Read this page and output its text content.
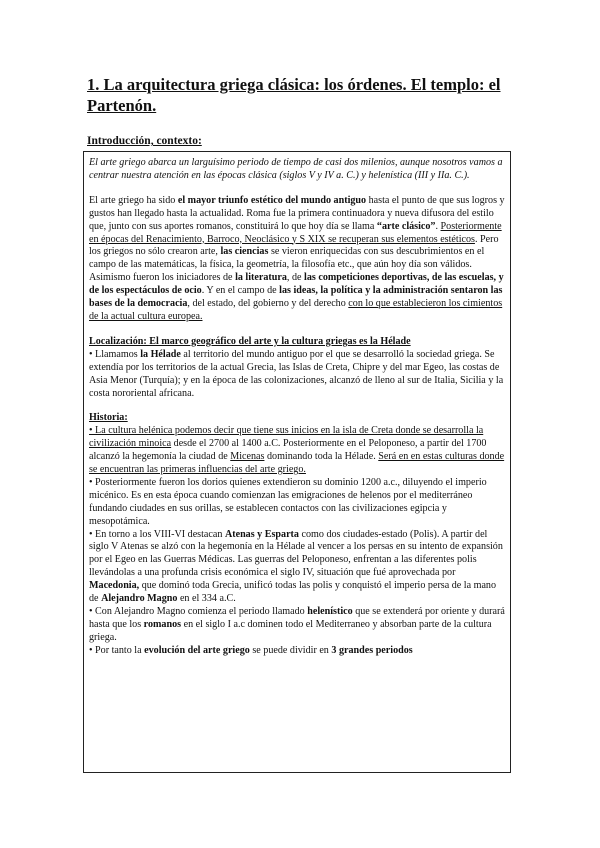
1. La arquitectura griega clásica: los órdenes. El templo: el Partenón.
Introducción, contexto:

El arte griego abarca un larguísimo periodo de tiempo de casi dos milenios, aunque nosotros vamos a centrar nuestra atención en las épocas clásica (siglos V y IV a. C.) y helenística (III y IIa. C.).

El arte griego ha sido el mayor triunfo estético del mundo antiguo hasta el punto de que sus logros y gustos han llegado hasta la actualidad. Roma fue la primera continuadora y nueva difusora del estilo que, junto con sus aportes romanos, constituirá lo que hoy día se llama “arte clásico”. Posteriormente en épocas del Renacimiento, Barroco, Neoclásico y S XIX se recuperan sus elementos estéticos. Pero los griegos no sólo crearon arte, las ciencias se vieron enriquecidas con sus descubrimientos en el campo de las matemáticas, la física, la geometría, la filosofía etc., que aún hoy día son válidos. Asimismo fueron los iniciadores de la literatura, de las competiciones deportivas, de las escuelas, y de los espectáculos de ocio. Y en el campo de las ideas, la política y la administración sentaron las bases de la democracia, del estado, del gobierno y del derecho con lo que establecieron los cimientos de la actual cultura europea.

Localización: El marco geográfico del arte y la cultura griegas es la Hélade

• Llamamos la Hélade al territorio del mundo antiguo por el que se desarrolló la sociedad griega. Se extendía por los territorios de la actual Grecia, las Islas de Creta, Chipre y del mar Egeo, las costas de Asia Menor (Turquía); y en la época de las colonizaciones, alcanzó de lleno al sur de Italia, Sicilia y la costa nororiental africana.

Historia:

• La cultura helénica podemos decir que tiene sus inicios en la isla de Creta donde se desarrolla la civilización minoica desde el 2700 al 1400 a.C. Posteriormente en el Peloponeso, a partir del 1700 alcanzó la hegemonía la ciudad de Micenas dominando toda la Hélade. Será en en estas culturas donde se encuentran las primeras influencias del arte griego.

• Posteriormente fueron los dorios quienes extendieron su dominio 1200 a.c., diluyendo el imperio micénico. Es en esta época cuando comienzan las emigraciones de helenos por el mediterráneo fundando ciudades en sus orillas, se establecen contactos con las civilizaciones egipcia y mesopotámica.

• En torno a los VIII-VI destacan Atenas y Esparta como dos ciudades-estado (Polis). A partir del siglo V Atenas se alzó con la hegemonía en la Hélade al vencer a los persas en su intento de expansión por el Egeo en las Guerras Médicas. Las guerras del Peloponeso, enfrentan a las diferentes polis llevándolas a una profunda crisis económica el siglo IV, situación que fué aprovechada por Macedonia, que dominó toda Grecia, unificó todas las polis y conquistó el imperio persa de la mano de Alejandro Magno en el 334 a.C.

• Con Alejandro Magno comienza el periodo llamado helenístico que se extenderá por oriente y durará hasta que los romanos en el siglo I a.c dominen todo el Mediterraneo y absorban parte de la cultura griega.

• Por tanto la evolución del arte griego se puede dividir en 3 grandes periodos
